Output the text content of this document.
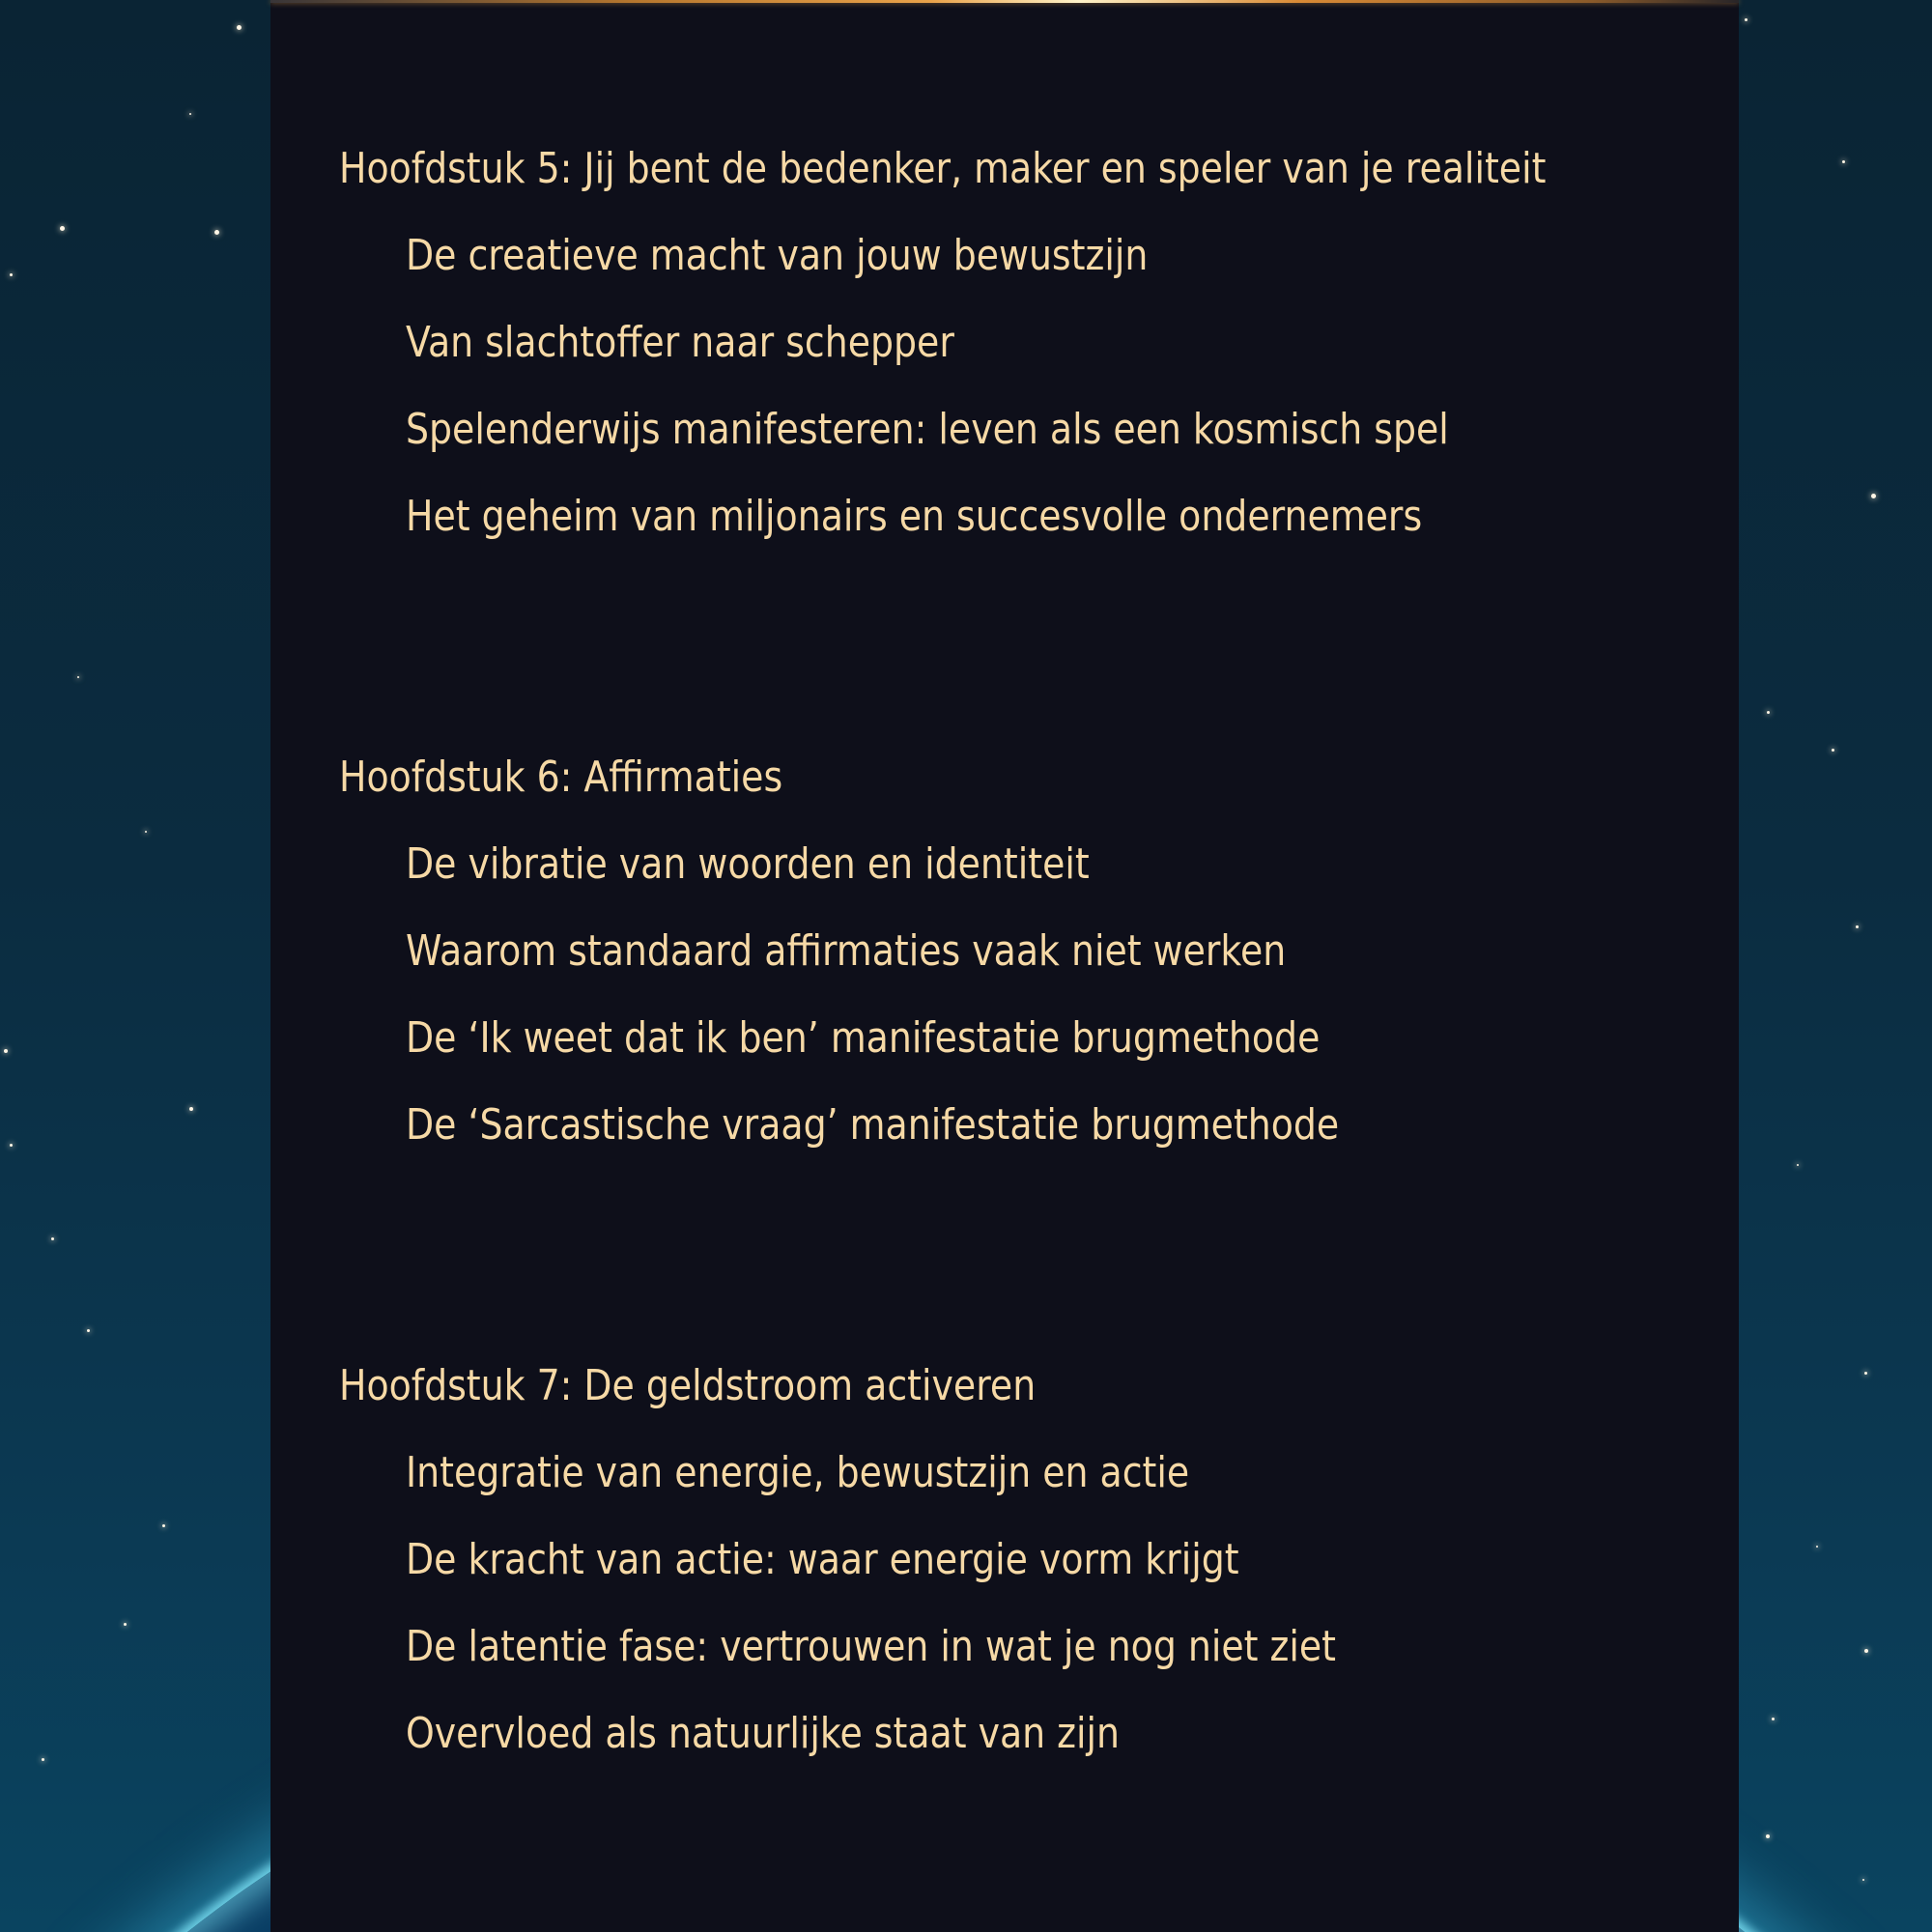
Hoofdstuk 5: Jij bent de bedenker, maker en speler van je realiteit
De creatieve macht van jouw bewustzijn
Van slachtoffer naar schepper
Spelenderwijs manifesteren: leven als een kosmisch spel
Het geheim van miljonairs en succesvolle ondernemers
Hoofdstuk 6: Affirmaties
De vibratie van woorden en identiteit
Waarom standaard affirmaties vaak niet werken
De ‘Ik weet dat ik ben’ manifestatie brugmethode
De ‘Sarcastische vraag’ manifestatie brugmethode
Hoofdstuk 7: De geldstroom activeren
Integratie van energie, bewustzijn en actie
De kracht van actie: waar energie vorm krijgt
De latentie fase: vertrouwen in wat je nog niet ziet
Overvloed als natuurlijke staat van zijn
